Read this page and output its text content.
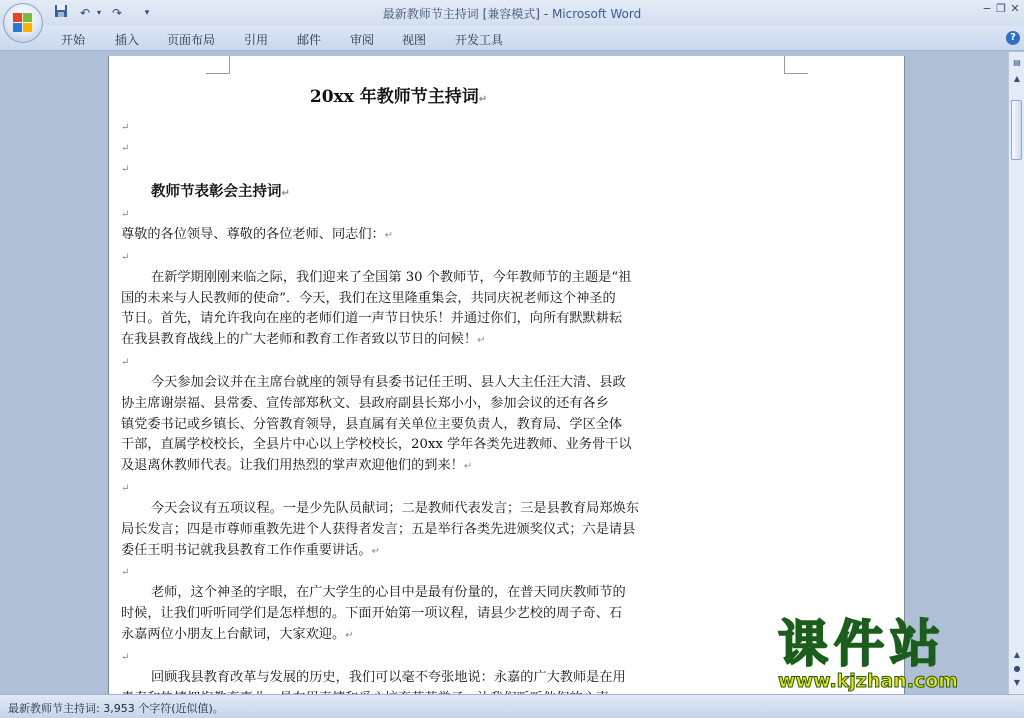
↶ ▾ ↷	▾	最新教师节主持词 [兼容模式] - Microsoft Word	− ❐ ✕
开始 插入 页面布局 引用 邮件 审阅 视图 开发工具	?
20xx 年教师节主持词↵
↵
↵
↵
教师节表彰会主持词↵
↵
尊敬的各位领导、尊敬的各位老师、同志们：↵
↵
在新学期刚刚来临之际，我们迎来了全国第 30 个教师节，今年教师节的主题是“祖
国的未来与人民教师的使命”．今天，我们在这里隆重集会，共同庆祝老师这个神圣的
节日。首先，请允许我向在座的老师们道一声节日快乐！并通过你们，向所有默默耕耘
在我县教育战线上的广大老师和教育工作者致以节日的问候！↵
↵
今天参加会议并在主席台就座的领导有县委书记任王明、县人大主任汪大清、县政
协主席谢崇福、县常委、宣传部郑秋文、县政府副县长郑小小，参加会议的还有各乡
镇党委书记或乡镇长、分管教育领导，县直属有关单位主要负责人，教育局、学区全体
干部，直属学校校长，全县片中心以上学校校长，20xx 学年各类先进教师、业务骨干以
及退离休教师代表。让我们用热烈的掌声欢迎他们的到来！↵
↵
今天会议有五项议程。一是少先队员献词；二是教师代表发言；三是县教育局郑焕东
局长发言；四是市尊师重教先进个人获得者发言；五是举行各类先进颁奖仪式；六是请县
委任王明书记就我县教育工作作重要讲话。↵
↵
老师，这个神圣的字眼，在广大学生的心目中是最有份量的，在普天同庆教师节的
时候，让我们听听同学们是怎样想的。下面开始第一项议程，请县少艺校的周子奇、石
永嘉两位小朋友上台献词，大家欢迎。↵
↵
回顾我县教育改革与发展的历史，我们可以毫不夸张地说：永嘉的广大教师是在用
▤
▲
▲
●
▼
课件站
www.kjzhan.com
最新教师节主持词: 3,953 个字符(近似值)。
